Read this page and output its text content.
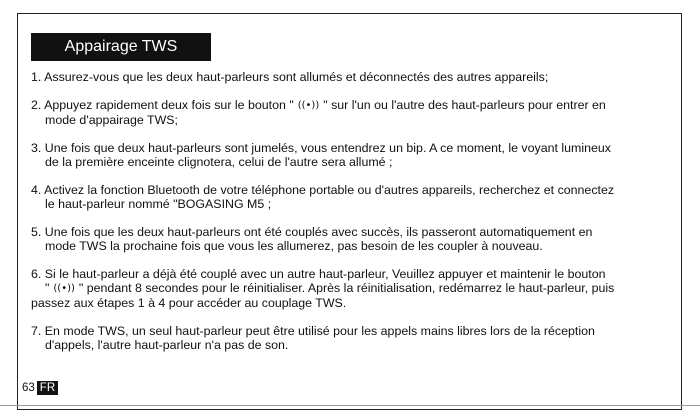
Appairage TWS
1. Assurez-vous que les deux haut-parleurs sont allumés et déconnectés des autres appareils;
2. Appuyez rapidement deux fois sur le bouton " ((•)) " sur l'un ou l'autre des haut-parleurs pour entrer en
mode d'appairage TWS;
3. Une fois que deux haut-parleurs sont jumelés, vous entendrez un bip. A ce moment, le voyant lumineux
de la première enceinte clignotera, celui de l'autre sera allumé ;
4. Activez la fonction Bluetooth de votre téléphone portable ou d'autres appareils, recherchez et connectez
le haut-parleur nommé "BOGASING M5 ;
5. Une fois que les deux haut-parleurs ont été couplés avec succès, ils passeront automatiquement en
mode TWS la prochaine fois que vous les allumerez, pas besoin de les coupler à nouveau.
6. Si le haut-parleur a déjà été couplé avec un autre haut-parleur, Veuillez appuyer et maintenir le bouton
" ((•)) " pendant 8 secondes pour le réinitialiser. Après la réinitialisation, redémarrez le haut-parleur, puis
passez aux étapes 1 à 4 pour accéder au couplage TWS.
7. En mode TWS, un seul haut-parleur peut être utilisé pour les appels mains libres lors de la réception
d'appels, l'autre haut-parleur n'a pas de son.
63 FR
